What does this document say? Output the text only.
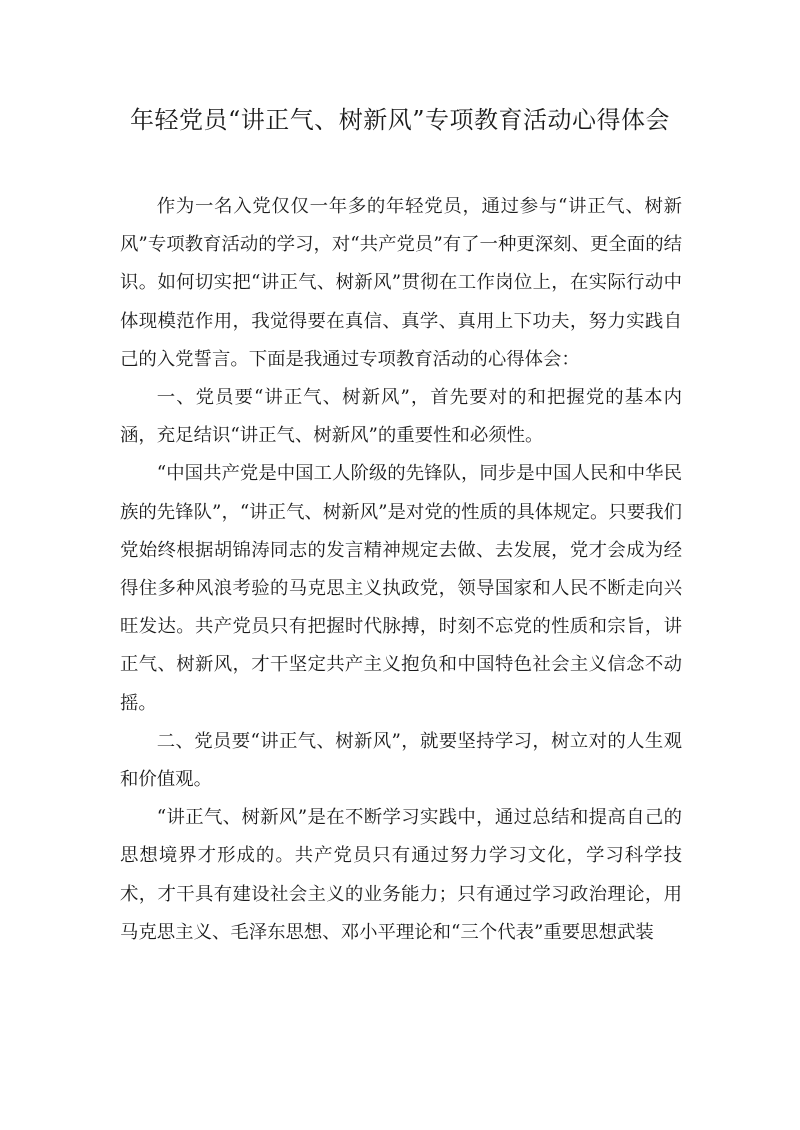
年轻党员“讲正气、树新风”专项教育活动心得体会

作为一名入党仅仅一年多的年轻党员，通过参与“讲正气、树新风”专项教育活动的学习，对“共产党员”有了一种更深刻、更全面的结识。如何切实把“讲正气、树新风”贯彻在工作岗位上，在实际行动中体现模范作用，我觉得要在真信、真学、真用上下功夫，努力实践自己的入党誓言。下面是我通过专项教育活动的心得体会：

一、党员要“讲正气、树新风”，首先要对的和把握党的基本内涵，充足结识“讲正气、树新风”的重要性和必须性。

“中国共产党是中国工人阶级的先锋队，同步是中国人民和中华民族的先锋队”，“讲正气、树新风”是对党的性质的具体规定。只要我们党始终根据胡锦涛同志的发言精神规定去做、去发展，党才会成为经得住多种风浪考验的马克思主义执政党，领导国家和人民不断走向兴旺发达。共产党员只有把握时代脉搏，时刻不忘党的性质和宗旨，讲正气、树新风，才干坚定共产主义抱负和中国特色社会主义信念不动摇。

二、党员要“讲正气、树新风”，就要坚持学习，树立对的人生观和价值观。

“讲正气、树新风”是在不断学习实践中，通过总结和提高自己的思想境界才形成的。共产党员只有通过努力学习文化，学习科学技术，才干具有建设社会主义的业务能力；只有通过学习政治理论，用马克思主义、毛泽东思想、邓小平理论和“三个代表”重要思想武装
